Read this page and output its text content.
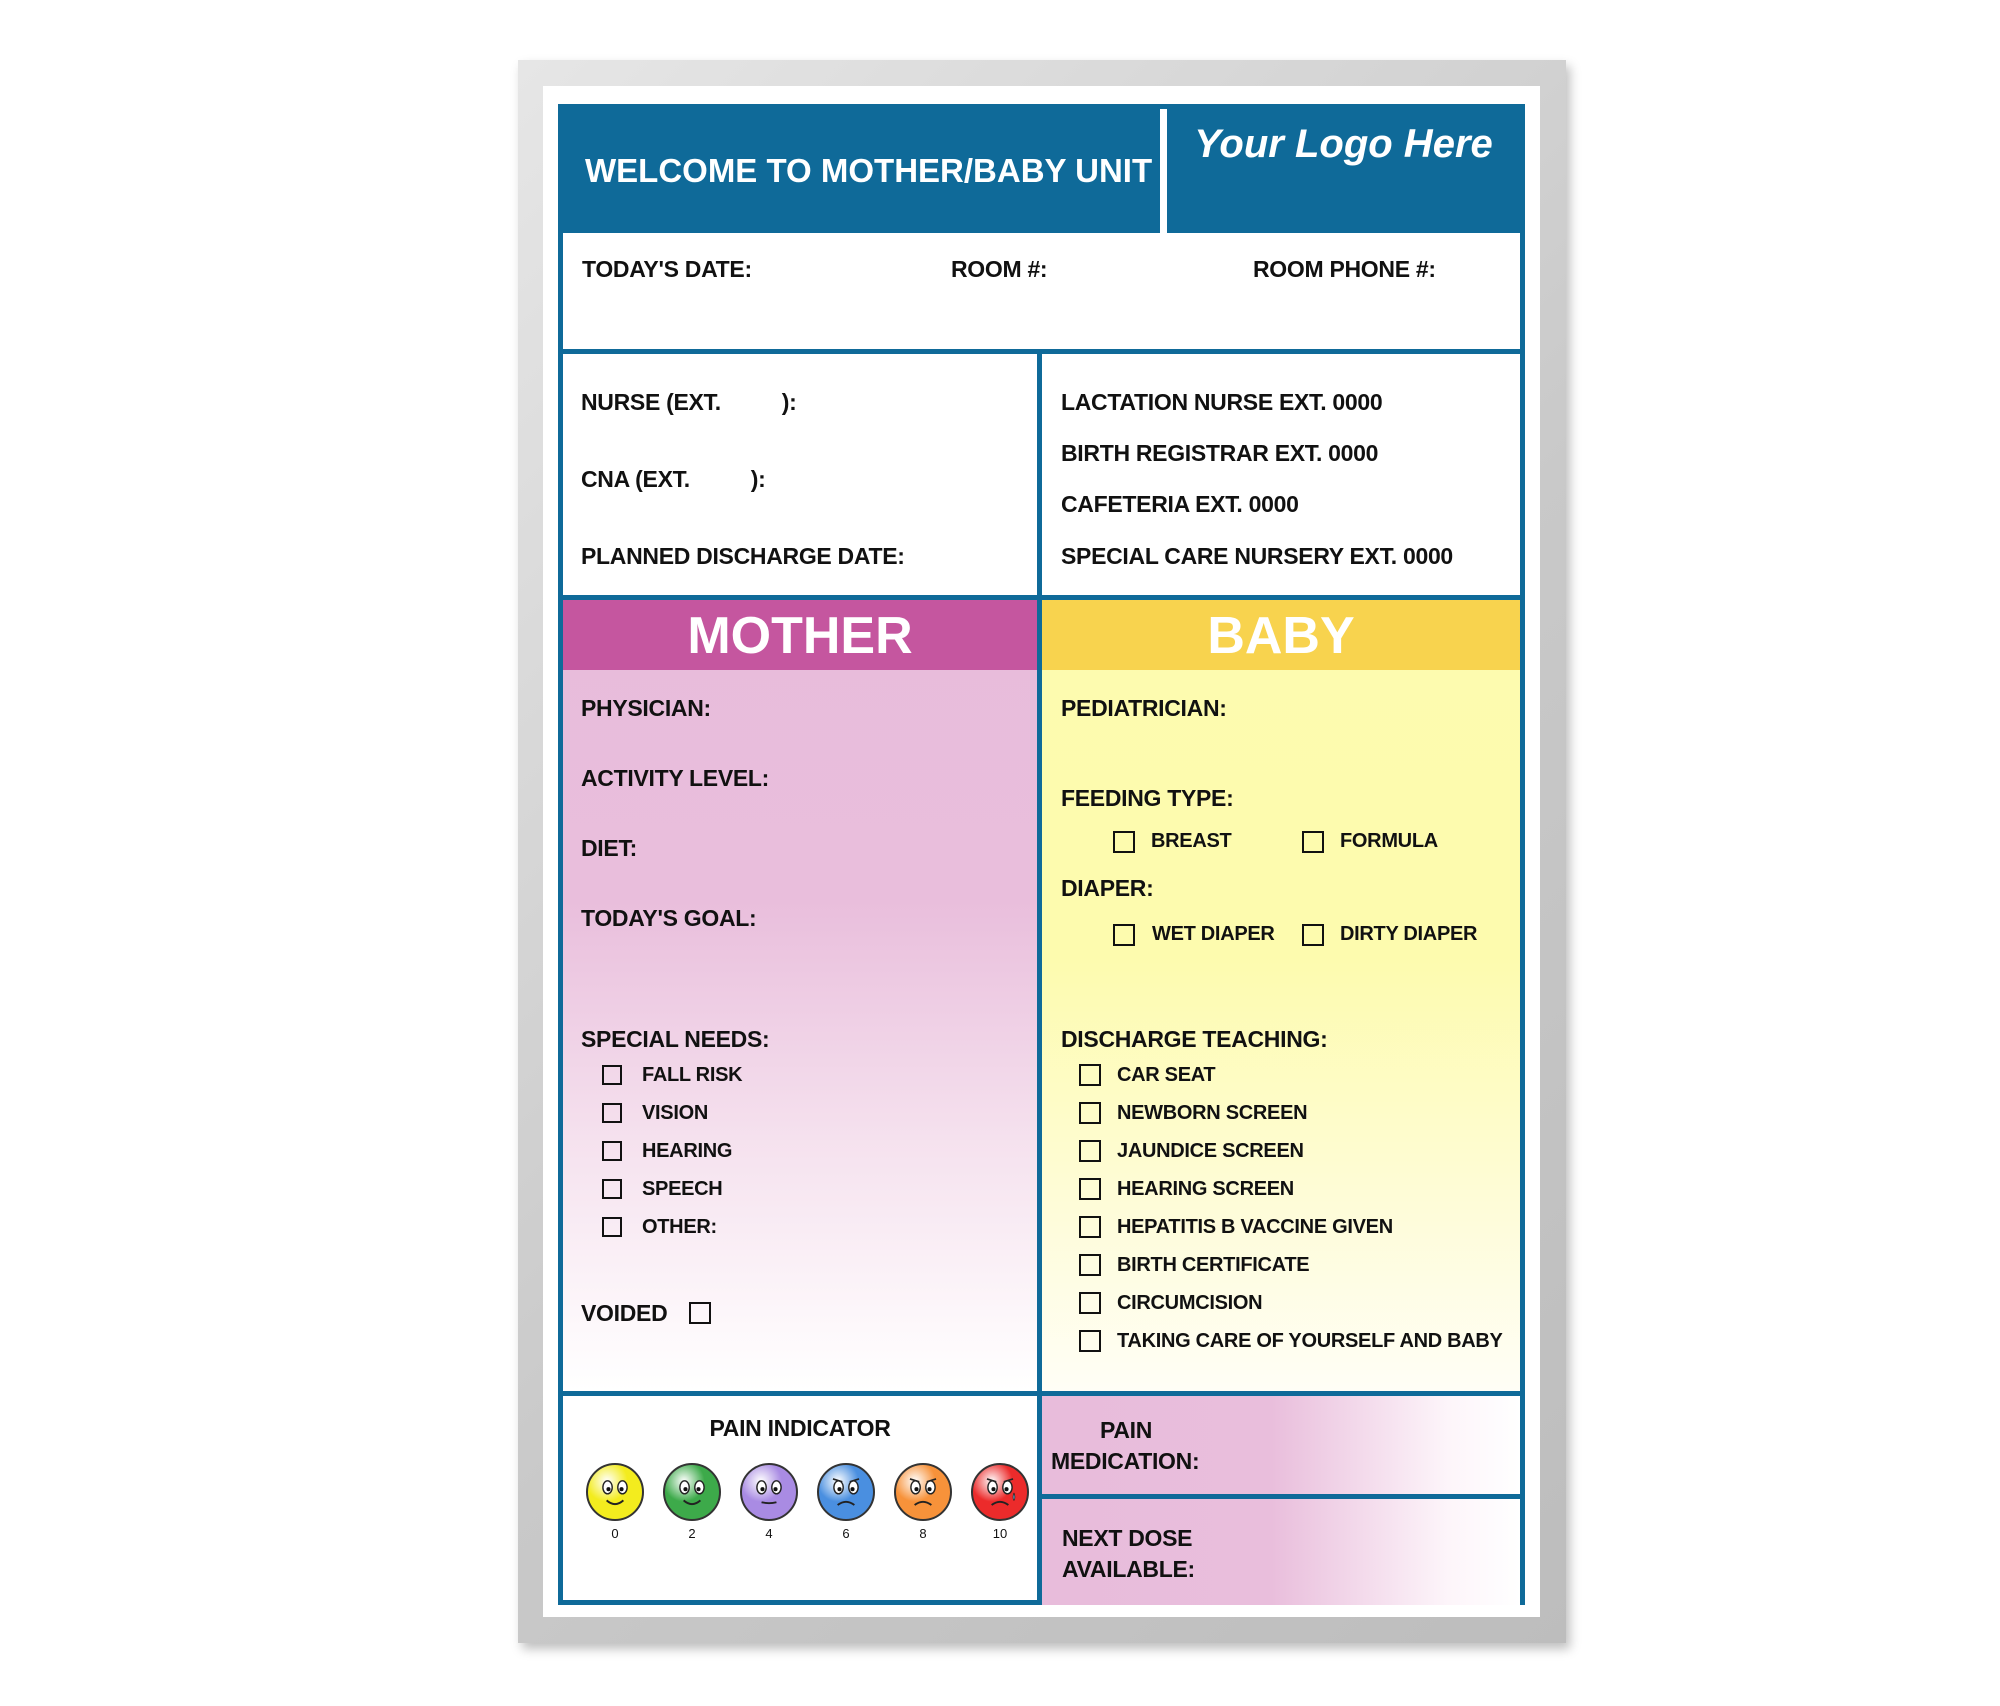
WELCOME TO MOTHER/BABY UNIT
Your Logo Here
TODAY'S DATE:	ROOM #:	ROOM PHONE #:
NURSE (EXT.          ):
CNA (EXT.          ):
PLANNED DISCHARGE DATE:
LACTATION NURSE EXT. 0000
BIRTH REGISTRAR EXT. 0000
CAFETERIA EXT. 0000
SPECIAL CARE NURSERY EXT. 0000
MOTHER
PHYSICIAN:
ACTIVITY LEVEL:
DIET:
TODAY'S GOAL:
SPECIAL NEEDS:
FALL RISK
VISION
HEARING
SPEECH
OTHER:
VOIDED
BABY
PEDIATRICIAN:
FEEDING TYPE:
BREAST	FORMULA
DIAPER:
WET DIAPER	DIRTY DIAPER
DISCHARGE TEACHING:
CAR SEAT
NEWBORN SCREEN
JAUNDICE SCREEN
HEARING SCREEN
HEPATITIS B VACCINE GIVEN
BIRTH CERTIFICATE
CIRCUMCISION
TAKING CARE OF YOURSELF AND BABY
PAIN INDICATOR
0	2	4	6	8	10
PAIN MEDICATION:
NEXT DOSE AVAILABLE:
